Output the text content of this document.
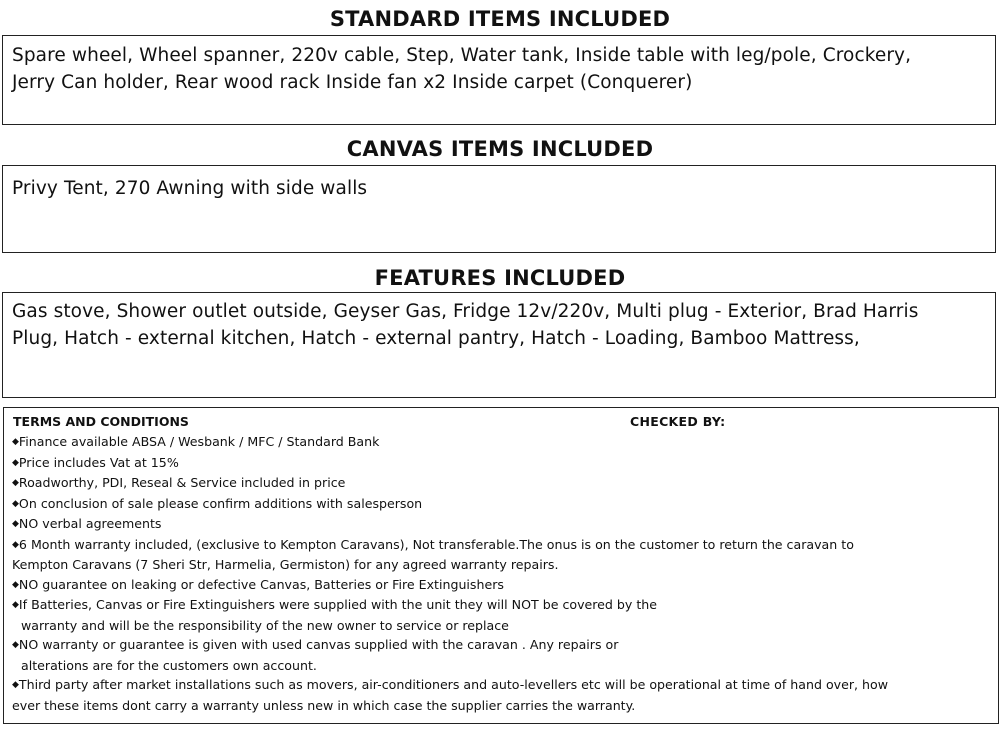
STANDARD ITEMS INCLUDED
Spare wheel, Wheel spanner, 220v cable, Step, Water tank, Inside table with leg/pole, Crockery,
Jerry Can holder, Rear wood rack Inside fan x2 Inside carpet (Conquerer)
CANVAS ITEMS INCLUDED
Privy Tent, 270 Awning with side walls
FEATURES INCLUDED
Gas stove, Shower outlet outside, Geyser Gas, Fridge 12v/220v, Multi plug - Exterior, Brad Harris
Plug, Hatch - external kitchen, Hatch - external pantry, Hatch - Loading, Bamboo Mattress,
TERMS AND CONDITIONS	CHECKED BY:
◆Finance available ABSA / Wesbank / MFC / Standard Bank
◆Price includes Vat at 15%
◆Roadworthy, PDI, Reseal & Service included in price
◆On conclusion of sale please confirm additions with salesperson
◆NO verbal agreements
◆6 Month warranty included, (exclusive to Kempton Caravans), Not transferable.The onus is on the customer to return the caravan to
Kempton Caravans (7 Sheri Str, Harmelia, Germiston) for any agreed warranty repairs.
◆NO guarantee on leaking or defective Canvas, Batteries or Fire Extinguishers
◆If Batteries, Canvas or Fire Extinguishers were supplied with the unit they will NOT be covered by the
warranty and will be the responsibility of the new owner to service or replace
◆NO warranty or guarantee is given with used canvas supplied with the caravan . Any repairs or
alterations are for the customers own account.
◆Third party after market installations such as movers, air-conditioners and auto-levellers etc will be operational at time of hand over, how
ever these items dont carry a warranty unless new in which case the supplier carries the warranty.
